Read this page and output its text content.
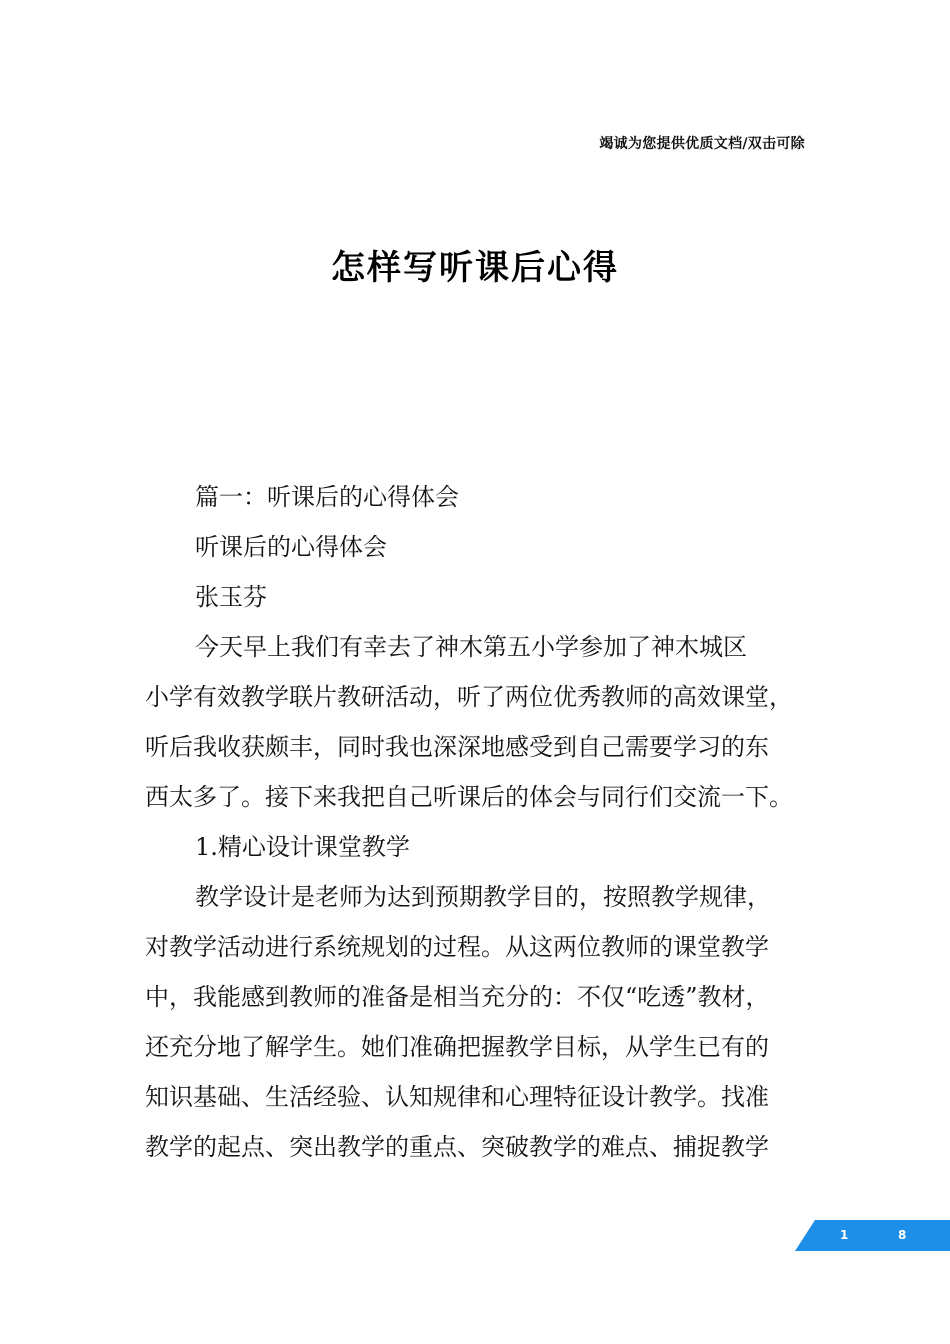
竭诚为您提供优质文档/双击可除
怎样写听课后心得
篇一：听课后的心得体会
听课后的心得体会
张玉芬
今天早上我们有幸去了神木第五小学参加了神木城区
小学有效教学联片教研活动，听了两位优秀教师的高效课堂，
听后我收获颇丰，同时我也深深地感受到自己需要学习的东
西太多了。接下来我把自己听课后的体会与同行们交流一下。
1.精心设计课堂教学
教学设计是老师为达到预期教学目的，按照教学规律，
对教学活动进行系统规划的过程。从这两位教师的课堂教学
中，我能感到教师的准备是相当充分的：不仅“吃透”教材，
还充分地了解学生。她们准确把握教学目标，从学生已有的
知识基础、生活经验、认知规律和心理特征设计教学。找准
教学的起点、突出教学的重点、突破教学的难点、捕捉教学
1	8
